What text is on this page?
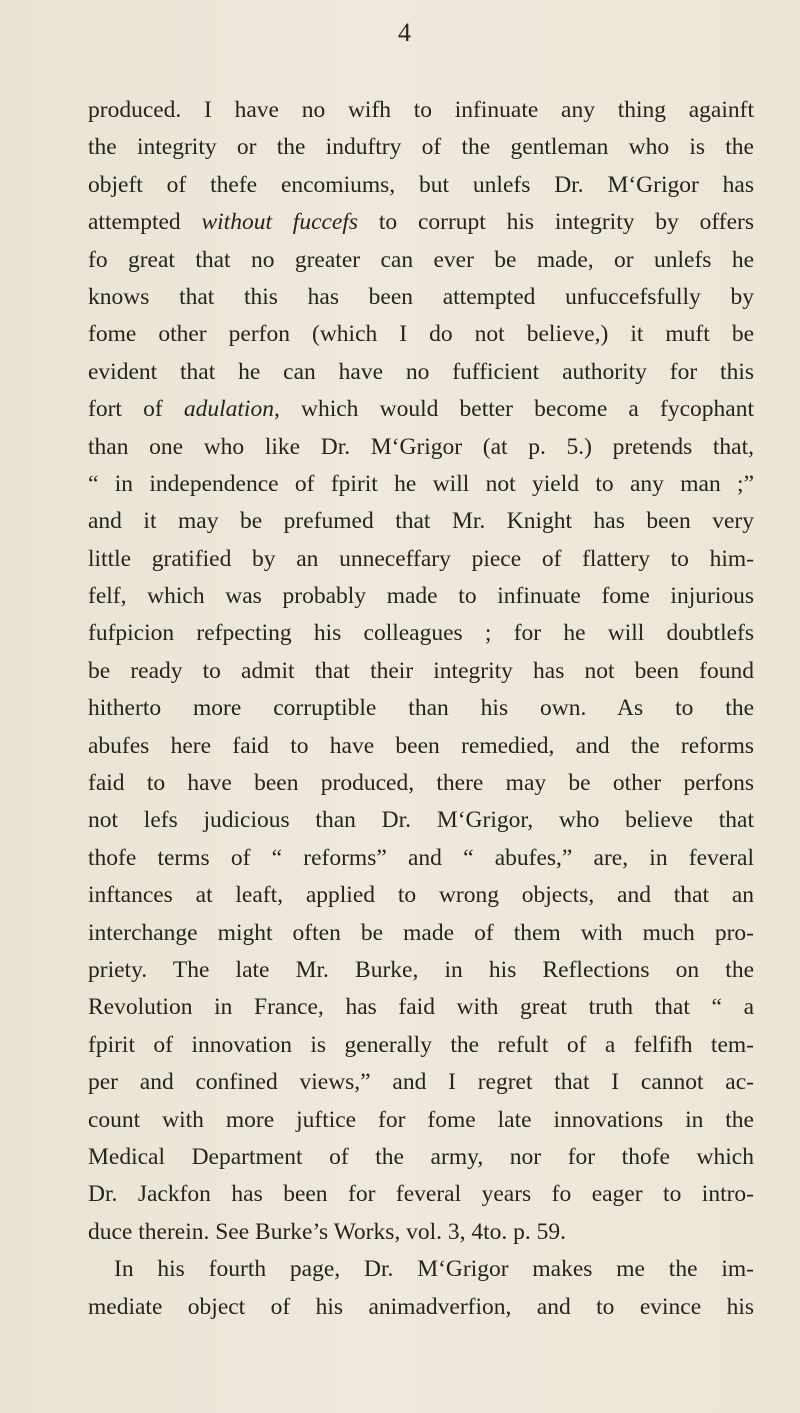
4
produced. I have no wifh to infinuate any thing againft
the integrity or the induftry of the gentleman who is the
objeft of thefe encomiums, but unlefs Dr. M‘Grigor has
attempted without fuccefs to corrupt his integrity by offers
fo great that no greater can ever be made, or unlefs he
knows that this has been attempted unfuccefsfully by
fome other perfon (which I do not believe,) it muft be
evident that he can have no fufficient authority for this
fort of adulation, which would better become a fycophant
than one who like Dr. M‘Grigor (at p. 5.) pretends that,
“ in independence of fpirit he will not yield to any man ;”
and it may be prefumed that Mr. Knight has been very
little gratified by an unneceffary piece of flattery to him-
felf, which was probably made to infinuate fome injurious
fufpicion refpecting his colleagues ; for he will doubtlefs
be ready to admit that their integrity has not been found
hitherto more corruptible than his own. As to the
abufes here faid to have been remedied, and the reforms
faid to have been produced, there may be other perfons
not lefs judicious than Dr. M‘Grigor, who believe that
thofe terms of “ reforms” and “ abufes,” are, in feveral
inftances at leaft, applied to wrong objects, and that an
interchange might often be made of them with much pro-
priety. The late Mr. Burke, in his Reflections on the
Revolution in France, has faid with great truth that “ a
fpirit of innovation is generally the refult of a felfifh tem-
per and confined views,” and I regret that I cannot ac-
count with more juftice for fome late innovations in the
Medical Department of the army, nor for thofe which
Dr. Jackfon has been for feveral years fo eager to intro-
duce therein. See Burke’s Works, vol. 3, 4to. p. 59.
In his fourth page, Dr. M‘Grigor makes me the im-
mediate object of his animadverfion, and to evince his
